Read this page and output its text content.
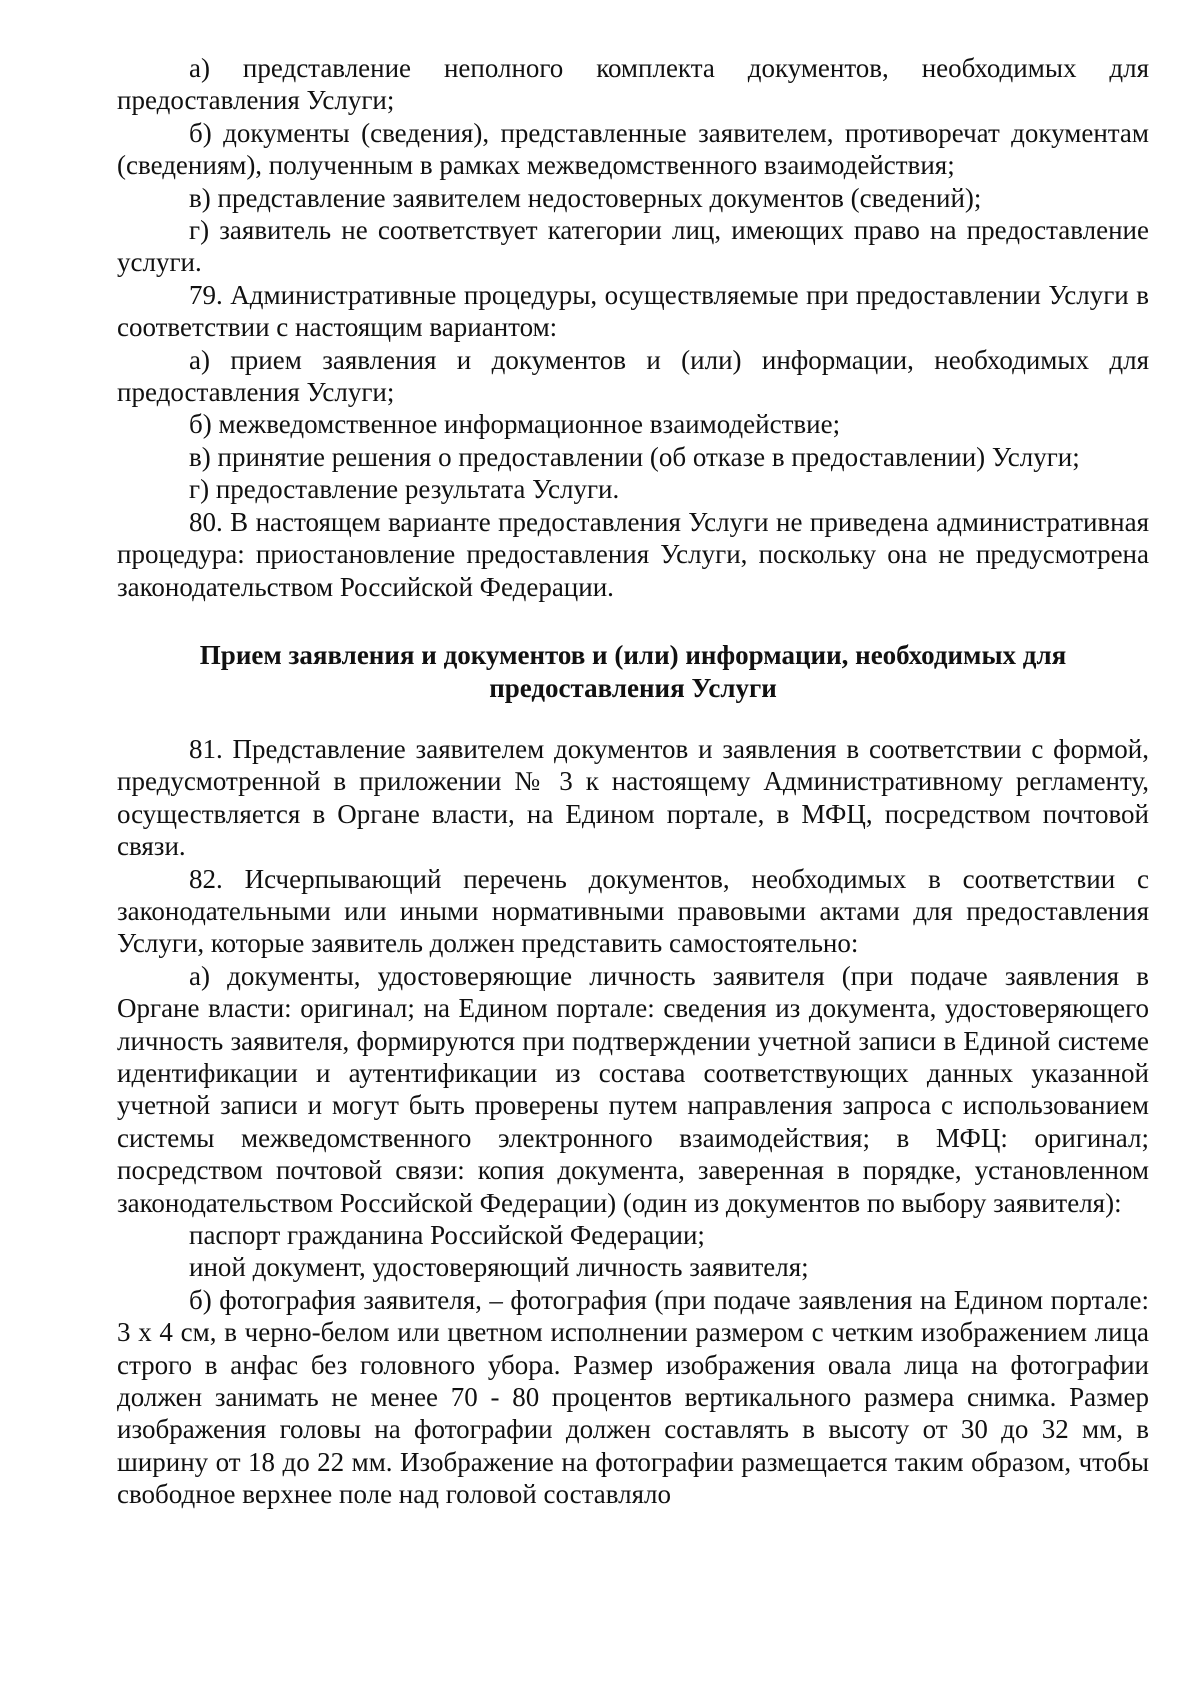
а) представление неполного комплекта документов, необходимых для предоставления Услуги;

б) документы (сведения), представленные заявителем, противоречат документам (сведениям), полученным в рамках межведомственного взаимодействия;

в) представление заявителем недостоверных документов (сведений);

г) заявитель не соответствует категории лиц, имеющих право на предоставление услуги.

79. Административные процедуры, осуществляемые при предоставлении Услуги в соответствии с настоящим вариантом:

а) прием заявления и документов и (или) информации, необходимых для предоставления Услуги;

б) межведомственное информационное взаимодействие;

в) принятие решения о предоставлении (об отказе в предоставлении) Услуги;

г) предоставление результата Услуги.

80. В настоящем варианте предоставления Услуги не приведена административная процедура: приостановление предоставления Услуги, поскольку она не предусмотрена законодательством Российской Федерации.

Прием заявления и документов и (или) информации, необходимых для
предоставления Услуги

81. Представление заявителем документов и заявления в соответствии с формой, предусмотренной в приложении № 3 к настоящему Административному регламенту, осуществляется в Органе власти, на Едином портале, в МФЦ, посредством почтовой связи.

82. Исчерпывающий перечень документов, необходимых в соответствии с законодательными или иными нормативными правовыми актами для предоставления Услуги, которые заявитель должен представить самостоятельно:

а) документы, удостоверяющие личность заявителя (при подаче заявления в Органе власти: оригинал; на Едином портале: сведения из документа, удостоверяющего личность заявителя, формируются при подтверждении учетной записи в Единой системе идентификации и аутентификации из состава соответствующих данных указанной учетной записи и могут быть проверены путем направления запроса с использованием системы межведомственного электронного взаимодействия; в МФЦ: оригинал; посредством почтовой связи: копия документа, заверенная в порядке, установленном законодательством Российской Федерации) (один из документов по выбору заявителя):

паспорт гражданина Российской Федерации;

иной документ, удостоверяющий личность заявителя;

б) фотография заявителя, – фотография (при подаче заявления на Едином портале: 3 x 4 см, в черно-белом или цветном исполнении размером с четким изображением лица строго в анфас без головного убора. Размер изображения овала лица на фотографии должен занимать не менее 70 - 80 процентов вертикального размера снимка. Размер изображения головы на фотографии должен составлять в высоту от 30 до 32 мм, в ширину от 18 до 22 мм. Изображение на фотографии размещается таким образом, чтобы свободное верхнее поле над головой составляло
